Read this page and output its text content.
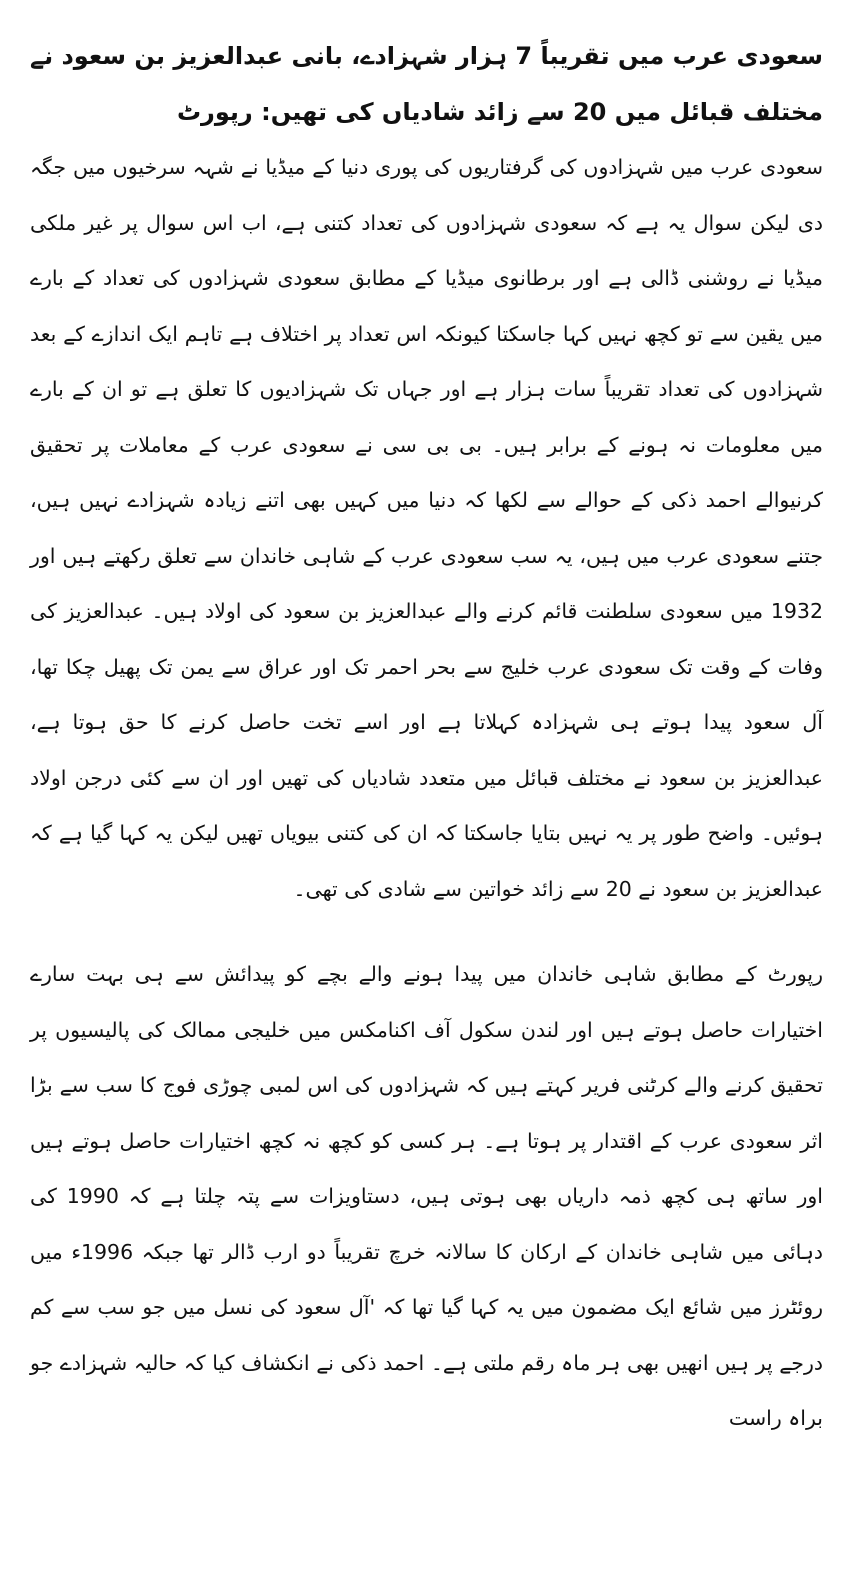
سعودی عرب میں تقریباً 7 ہزار شہزادے، بانی عبدالعزیز بن سعود نے مختلف قبائل میں 20 سے زائد شادیاں کی تھیں: رپورٹ

سعودی عرب میں شہزادوں کی گرفتاریوں کی پوری دنیا کے میڈیا نے شہہ سرخیوں میں جگہ دی لیکن سوال یہ ہے کہ سعودی شہزادوں کی تعداد کتنی ہے، اب اس سوال پر غیر ملکی میڈیا نے روشنی ڈالی ہے اور برطانوی میڈیا کے مطابق سعودی شہزادوں کی تعداد کے بارے میں یقین سے تو کچھ نہیں کہا جاسکتا کیونکہ اس تعداد پر اختلاف ہے تاہم ایک اندازے کے بعد شہزادوں کی تعداد تقریباً سات ہزار ہے اور جہاں تک شہزادیوں کا تعلق ہے تو ان کے بارے میں معلومات نہ ہونے کے برابر ہیں۔ بی بی سی نے سعودی عرب کے معاملات پر تحقیق کرنیوالے احمد ذکی کے حوالے سے لکھا کہ دنیا میں کہیں بھی اتنے زیادہ شہزادے نہیں ہیں، جتنے سعودی عرب میں ہیں، یہ سب سعودی عرب کے شاہی خاندان سے تعلق رکھتے ہیں اور 1932 میں سعودی سلطنت قائم کرنے والے عبدالعزیز بن سعود کی اولاد ہیں۔ عبدالعزیز کی وفات کے وقت تک سعودی عرب خلیج سے بحر احمر تک اور عراق سے یمن تک پھیل چکا تھا، آل سعود پیدا ہوتے ہی شہزادہ کہلاتا ہے اور اسے تخت حاصل کرنے کا حق ہوتا ہے، عبدالعزیز بن سعود نے مختلف قبائل میں متعدد شادیاں کی تھیں اور ان سے کئی درجن اولاد ہوئیں۔ واضح طور پر یہ نہیں بتایا جاسکتا کہ ان کی کتنی بیویاں تھیں لیکن یہ کہا گیا ہے کہ عبدالعزیز بن سعود نے 20 سے زائد خواتین سے شادی کی تھی۔

رپورٹ کے مطابق شاہی خاندان میں پیدا ہونے والے بچے کو پیدائش سے ہی بہت سارے اختیارات حاصل ہوتے ہیں اور لندن سکول آف اکنامکس میں خلیجی ممالک کی پالیسیوں پر تحقیق کرنے والے کرٹنی فریر کہتے ہیں کہ شہزادوں کی اس لمبی چوڑی فوج کا سب سے بڑا اثر سعودی عرب کے اقتدار پر ہوتا ہے۔ ہر کسی کو کچھ نہ کچھ اختیارات حاصل ہوتے ہیں اور ساتھ ہی کچھ ذمہ داریاں بھی ہوتی ہیں، دستاویزات سے پتہ چلتا ہے کہ 1990 کی دہائی میں شاہی خاندان کے ارکان کا سالانہ خرچ تقریباً دو ارب ڈالر تھا جبکہ 1996ء میں روئٹرز میں شائع ایک مضمون میں یہ کہا گیا تھا کہ 'آل سعود کی نسل میں جو سب سے کم درجے پر ہیں انھیں بھی ہر ماہ رقم ملتی ہے۔ احمد ذکی نے انکشاف کیا کہ حالیہ شہزادے جو براہ راست
